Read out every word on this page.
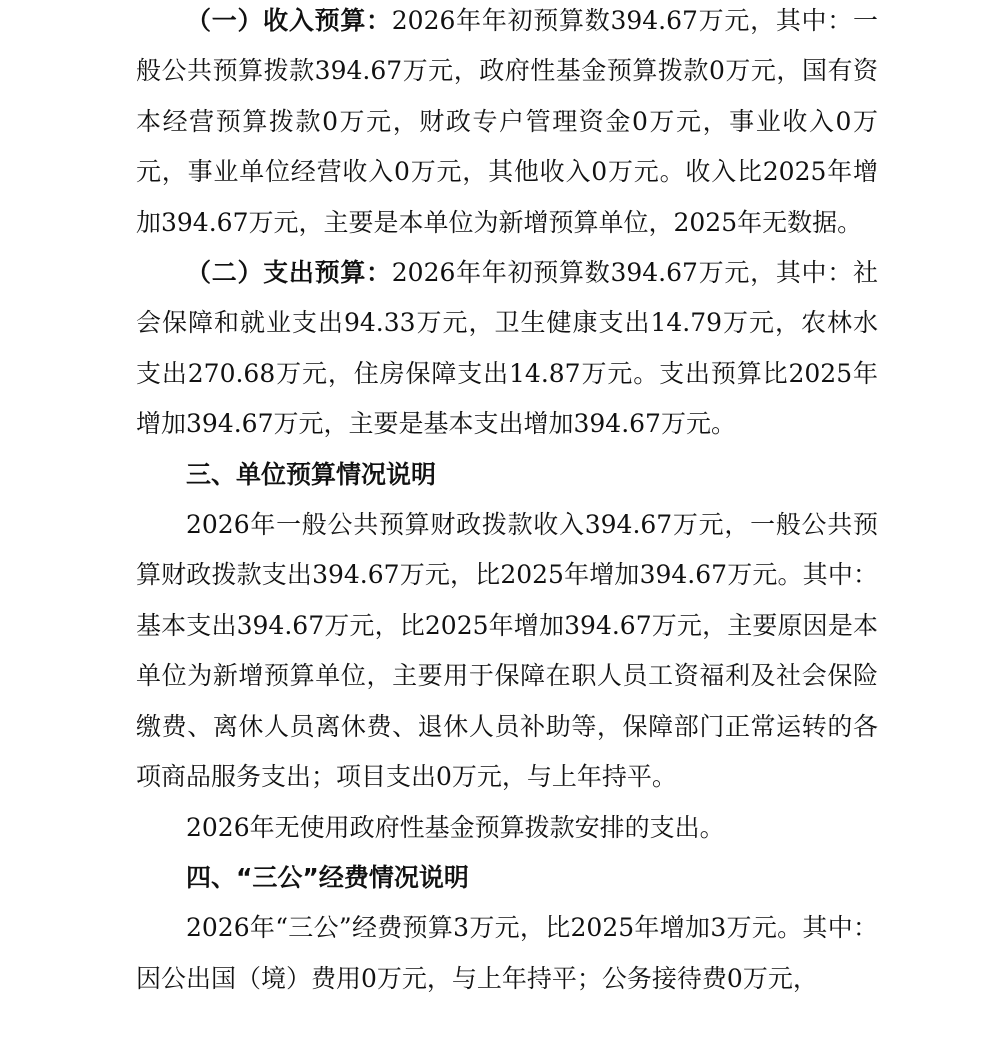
（一）收入预算：2026年年初预算数394.67万元，其中：一般公共预算拨款394.67万元，政府性基金预算拨款0万元，国有资本经营预算拨款0万元，财政专户管理资金0万元，事业收入0万元，事业单位经营收入0万元，其他收入0万元。收入比2025年增加394.67万元，主要是本单位为新增预算单位，2025年无数据。

（二）支出预算：2026年年初预算数394.67万元，其中：社会保障和就业支出94.33万元，卫生健康支出14.79万元，农林水支出270.68万元，住房保障支出14.87万元。支出预算比2025年增加394.67万元，主要是基本支出增加394.67万元。

三、单位预算情况说明

2026年一般公共预算财政拨款收入394.67万元，一般公共预算财政拨款支出394.67万元，比2025年增加394.67万元。其中：基本支出394.67万元，比2025年增加394.67万元，主要原因是本单位为新增预算单位，主要用于保障在职人员工资福利及社会保险缴费、离休人员离休费、退休人员补助等，保障部门正常运转的各项商品服务支出；项目支出0万元，与上年持平。

2026年无使用政府性基金预算拨款安排的支出。

四、“三公”经费情况说明

2026年“三公”经费预算3万元，比2025年增加3万元。其中：因公出国（境）费用0万元，与上年持平；公务接待费0万元，
